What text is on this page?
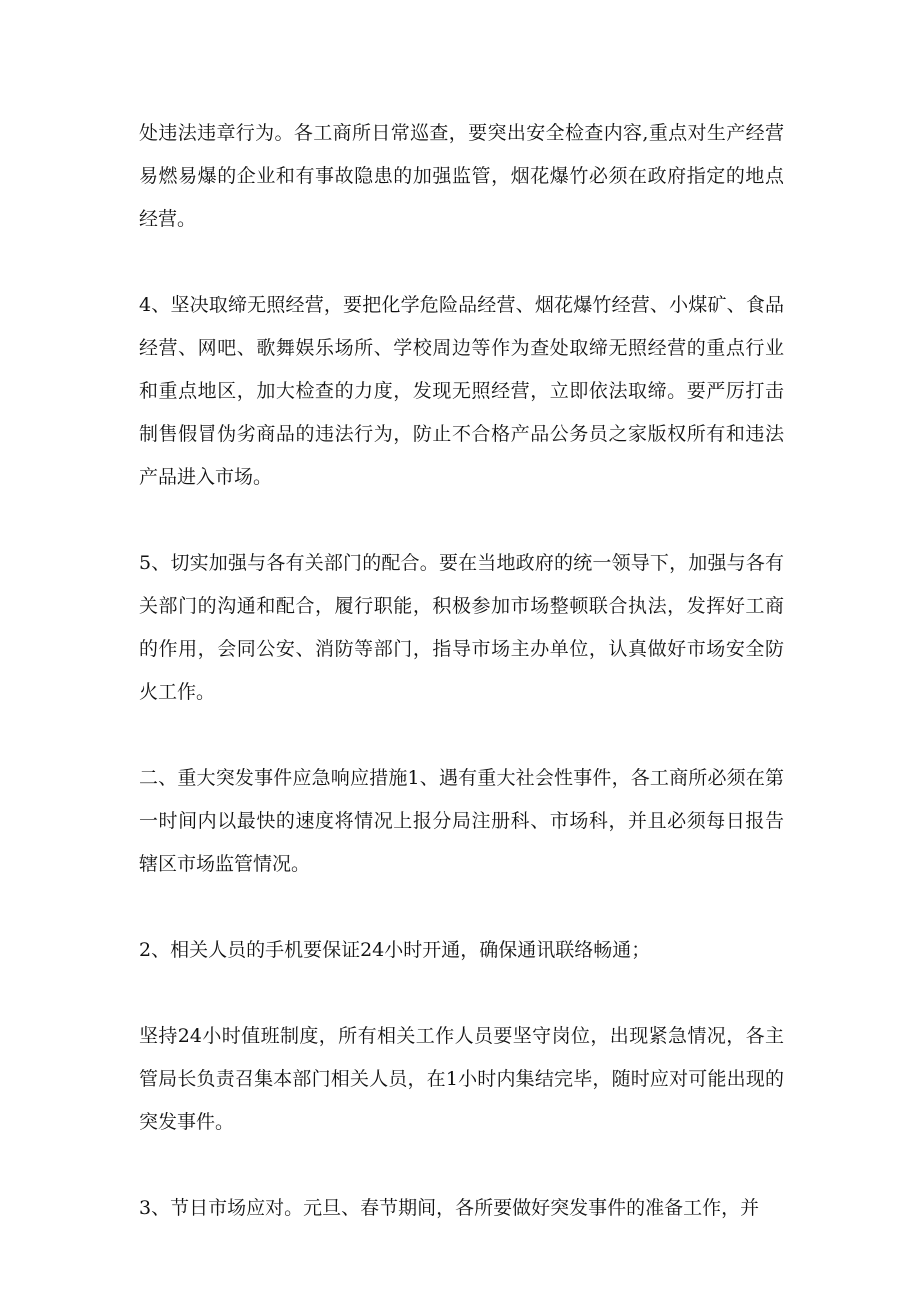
处违法违章行为。各工商所日常巡查，要突出安全检查内容,重点对生产经营易燃易爆的企业和有事故隐患的加强监管，烟花爆竹必须在政府指定的地点经营。

4、坚决取缔无照经营，要把化学危险品经营、烟花爆竹经营、小煤矿、食品经营、网吧、歌舞娱乐场所、学校周边等作为查处取缔无照经营的重点行业和重点地区，加大检查的力度，发现无照经营，立即依法取缔。要严厉打击制售假冒伪劣商品的违法行为，防止不合格产品公务员之家版权所有和违法产品进入市场。

5、切实加强与各有关部门的配合。要在当地政府的统一领导下，加强与各有关部门的沟通和配合，履行职能，积极参加市场整顿联合执法，发挥好工商的作用，会同公安、消防等部门，指导市场主办单位，认真做好市场安全防火工作。

二、重大突发事件应急响应措施1、遇有重大社会性事件，各工商所必须在第一时间内以最快的速度将情况上报分局注册科、市场科，并且必须每日报告辖区市场监管情况。

2、相关人员的手机要保证24小时开通，确保通讯联络畅通；

坚持24小时值班制度，所有相关工作人员要坚守岗位，出现紧急情况，各主管局长负责召集本部门相关人员，在1小时内集结完毕，随时应对可能出现的突发事件。

3、节日市场应对。元旦、春节期间，各所要做好突发事件的准备工作，并
